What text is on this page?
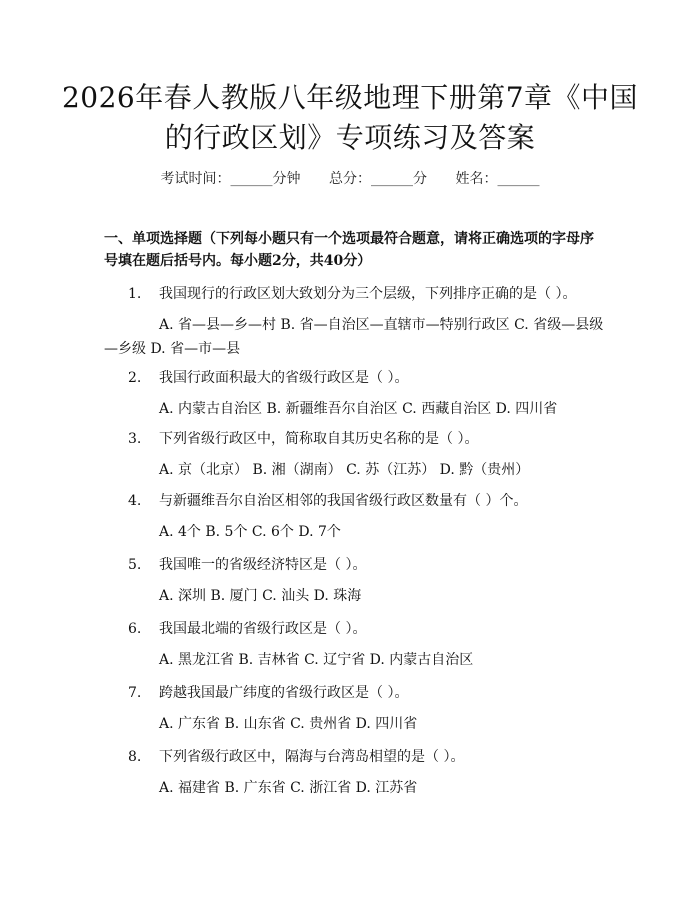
2026年春人教版八年级地理下册第7章《中国的行政区划》专项练习及答案
考试时间：______分钟 总分：______分 姓名：______
一、单项选择题（下列每小题只有一个选项最符合题意，请将正确选项的字母序号填在题后括号内。每小题2分，共40分）
1.	我国现行的行政区划大致划分为三个层级，下列排序正确的是（ ）。
A. 省—县—乡—村 B. 省—自治区—直辖市—特别行政区 C. 省级—县级—乡级 D. 省—市—县
2.	我国行政面积最大的省级行政区是（ ）。
A. 内蒙古自治区 B. 新疆维吾尔自治区 C. 西藏自治区 D. 四川省
3.	下列省级行政区中，简称取自其历史名称的是（ ）。
A. 京（北京） B. 湘（湖南） C. 苏（江苏） D. 黔（贵州）
4.	与新疆维吾尔自治区相邻的我国省级行政区数量有（ ）个。
A. 4个 B. 5个 C. 6个 D. 7个
5.	我国唯一的省级经济特区是（ ）。
A. 深圳 B. 厦门 C. 汕头 D. 珠海
6.	我国最北端的省级行政区是（ ）。
A. 黑龙江省 B. 吉林省 C. 辽宁省 D. 内蒙古自治区
7.	跨越我国最广纬度的省级行政区是（ ）。
A. 广东省 B. 山东省 C. 贵州省 D. 四川省
8.	下列省级行政区中，隔海与台湾岛相望的是（ ）。
A. 福建省 B. 广东省 C. 浙江省 D. 江苏省
